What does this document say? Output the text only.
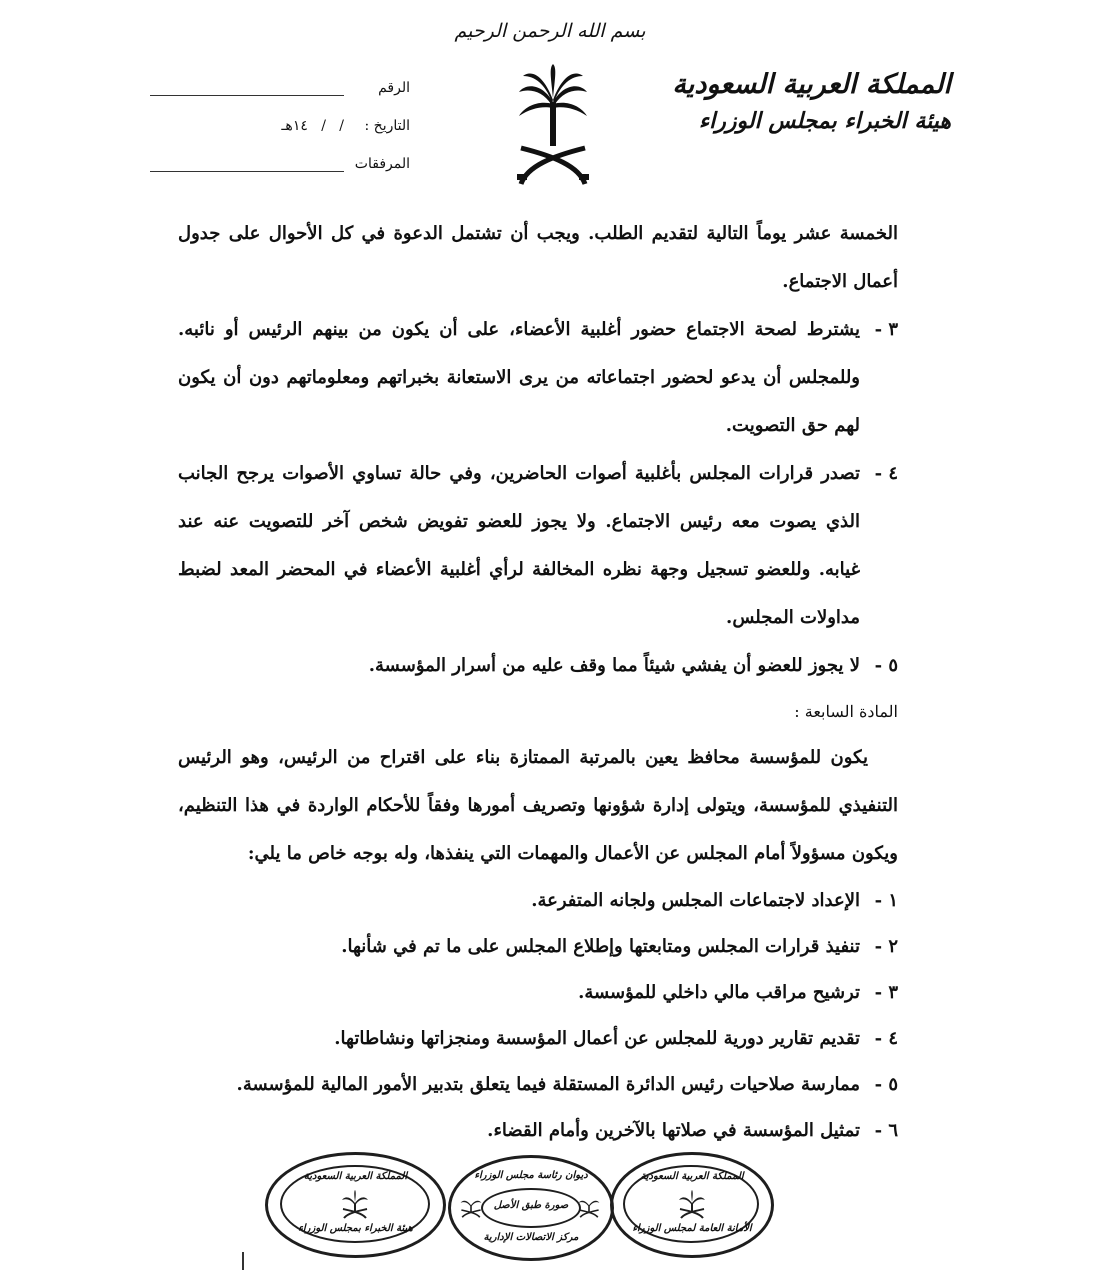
بسم الله الرحمن الرحيم
المملكة العربية السعودية
هيئة الخبراء بمجلس الوزراء
الرقم
التاريخ :
/   /   ١٤هـ
المرفقات

الخمسة عشر يوماً التالية لتقديم الطلب. ويجب أن تشتمل الدعوة في كل الأحوال على جدول أعمال الاجتماع.

٣ -يشترط لصحة الاجتماع حضور أغلبية الأعضاء، على أن يكون من بينهم الرئيس أو نائبه. وللمجلس أن يدعو لحضور اجتماعاته من يرى الاستعانة بخبراتهم ومعلوماتهم دون أن يكون لهم حق التصويت.

٤ -تصدر قرارات المجلس بأغلبية أصوات الحاضرين، وفي حالة تساوي الأصوات يرجح الجانب الذي يصوت معه رئيس الاجتماع. ولا يجوز للعضو تفويض شخص آخر للتصويت عنه عند غيابه. وللعضو تسجيل وجهة نظره المخالفة لرأي أغلبية الأعضاء في المحضر المعد لضبط مداولات المجلس.

٥ -لا يجوز للعضو أن يفشي شيئاً مما وقف عليه من أسرار المؤسسة.

المادة السابعة :

يكون للمؤسسة محافظ يعين بالمرتبة الممتازة بناء على اقتراح من الرئيس، وهو الرئيس التنفيذي للمؤسسة، ويتولى إدارة شؤونها وتصريف أمورها وفقاً للأحكام الواردة في هذا التنظيم، ويكون مسؤولاً أمام المجلس عن الأعمال والمهمات التي ينفذها، وله بوجه خاص ما يلي:

١ -الإعداد لاجتماعات المجلس ولجانه المتفرعة.

٢ -تنفيذ قرارات المجلس ومتابعتها وإطلاع المجلس على ما تم في شأنها.

٣ -ترشيح مراقب مالي داخلي للمؤسسة.

٤ -تقديم تقارير دورية للمجلس عن أعمال المؤسسة ومنجزاتها ونشاطاتها.

٥ -ممارسة صلاحيات رئيس الدائرة المستقلة فيما يتعلق بتدبير الأمور المالية للمؤسسة.

٦ -تمثيل المؤسسة في صلاتها بالآخرين وأمام القضاء.

المملكة العربية السعودية
هيئة الخبراء بمجلس الوزراء
ديوان رئاسة مجلس الوزراء
صورة طبق الأصل
مركز الاتصالات الإدارية
المملكة العربية السعودية
الأمانة العامة لمجلس الوزراء
